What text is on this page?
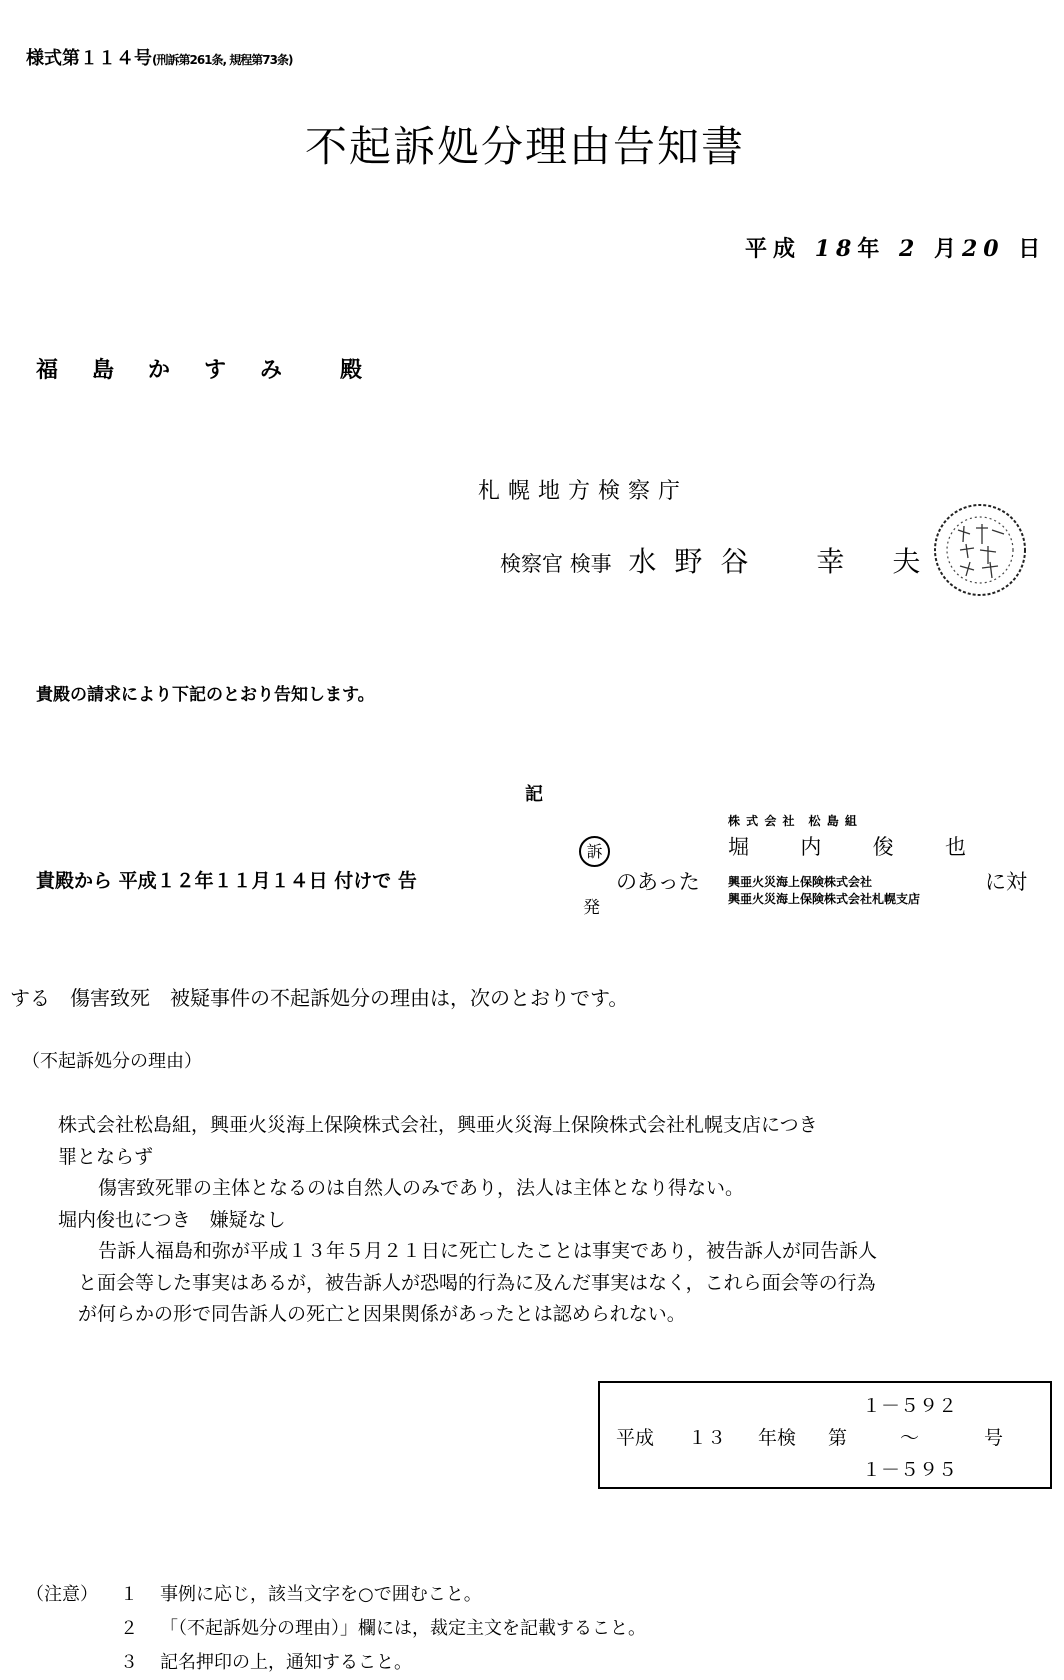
様式第１１４号(刑訴第261条, 規程第73条)
不起訴処分理由告知書
平成 18年 2 月20 日
福島かすみ 殿
札幌地方検察庁
検察官 検事 水野谷 幸夫
貴殿の請求により下記のとおり告知します。
記
貴殿から 平成１２年１１月１４日 付けで 告
訴
発
のあった
株 式 会 社　松 島 組
堀 内 俊 也
興亜火災海上保険株式会社
興亜火災海上保険株式会社札幌支店
に対
する　傷害致死　被疑事件の不起訴処分の理由は，次のとおりです。
（不起訴処分の理由）
株式会社松島組，興亜火災海上保険株式会社，興亜火災海上保険株式会社札幌支店につき
罪とならず
傷害致死罪の主体となるのは自然人のみであり，法人は主体となり得ない。
堀内俊也につき　嫌疑なし
告訴人福島和弥が平成１３年５月２１日に死亡したことは事実であり，被告訴人が同告訴人
と面会等した事実はあるが，被告訴人が恐喝的行為に及んだ事実はなく，これら面会等の行為
が何らかの形で同告訴人の死亡と因果関係があったとは認められない。
平成 １３ 年検 第
１－５９２
〜
１－５９５
号
（注意）	１	事例に応じ，該当文字を○で囲むこと。
２	「（不起訴処分の理由）」欄には，裁定主文を記載すること。
３	記名押印の上，通知すること。
